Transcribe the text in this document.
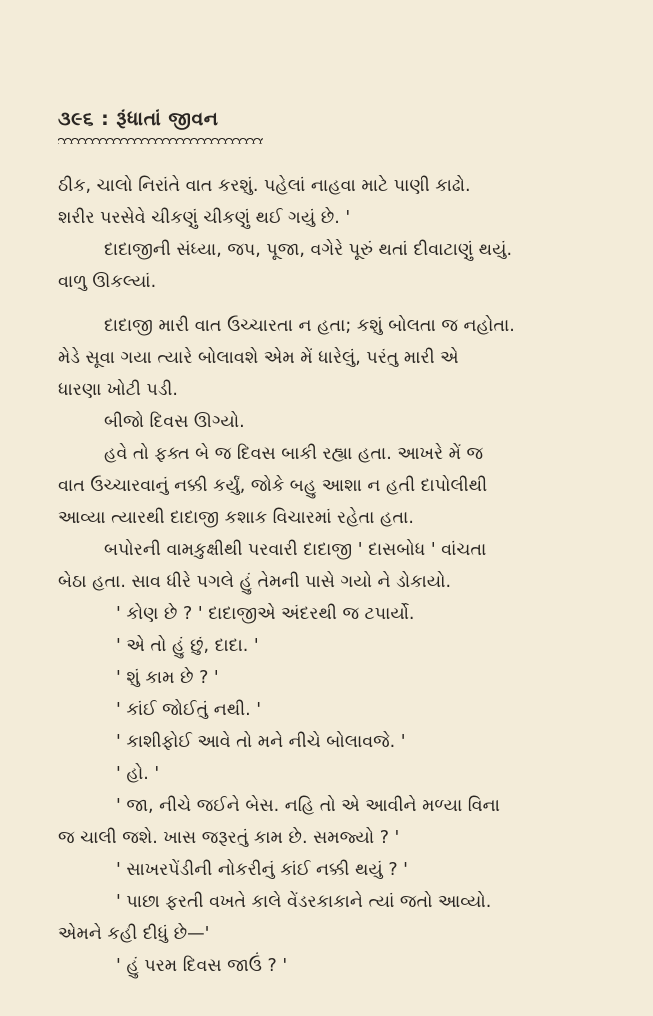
૩૯૬ : રૂંધાતાં જીવન

ઠીક, ચાલો નિરાંતે વાત કરશું. પહેલાં નાહવા માટે પાણી કાઢો.

શરીર પરસેવે ચીકણું ચીકણું થઈ ગયું છે. '

દાદાજીની સંધ્યા, જપ, પૂજા, વગેરે પૂરું થતાં દીવાટાણું થયું.

વાળુ ઊકલ્યાં.

દાદાજી મારી વાત ઉચ્ચારતા ન હતા; કશું બોલતા જ નહોતા.

મેડે સૂવા ગયા ત્યારે બોલાવશે એમ મેં ધારેલું, પરંતુ મારી એ

ધારણા ખોટી પડી.

બીજો દિવસ ઊગ્યો.

હવે તો ફક્ત બે જ દિવસ બાકી રહ્યા હતા. આખરે મેં જ

વાત ઉચ્ચારવાનું નક્કી કર્યું, જોકે બહુ આશા ન હતી દાપોલીથી

આવ્યા ત્યારથી દાદાજી કશાક વિચારમાં રહેતા હતા.

બપોરની વામકુક્ષીથી પરવારી દાદાજી ' દાસબોધ ' વાંચતા

બેઠા હતા. સાવ ધીરે પગલે હું તેમની પાસે ગયો ને ડોકાયો.

' કોણ છે ? ' દાદાજીએ અંદરથી જ ટપાર્યો.

' એ તો હું છું, દાદા. '

' શું કામ છે ? '

' કાંઈ જોઈતું નથી. '

' કાશીફોઈ આવે તો મને નીચે બોલાવજે. '

' હો. '

' જા, નીચે જઈને બેસ. નહિ તો એ આવીને મળ્યા વિના

જ ચાલી જશે. ખાસ જરૂરતું કામ છે. સમજ્યો ? '

' સાખરપેંડીની નોકરીનું કાંઈ નક્કી થયું ? '

' પાછા ફરતી વખતે કાલે વેંડરકાકાને ત્યાં જતો આવ્યો.

એમને કહી દીધું છે—'

' હું પરમ દિવસ જાઉં ? '
